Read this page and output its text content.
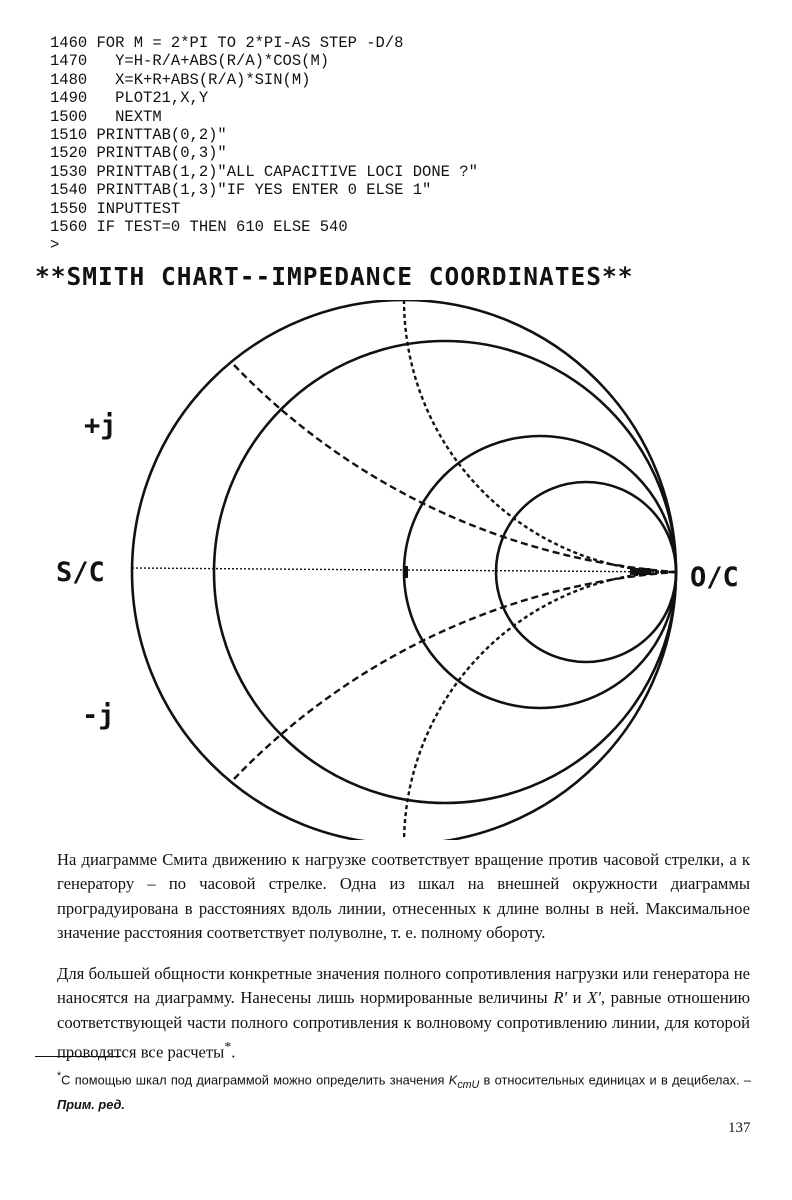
1460 FOR M = 2*PI TO 2*PI-AS STEP -D/8
1470   Y=H-R/A+ABS(R/A)*COS(M)
1480   X=K+R+ABS(R/A)*SIN(M)
1490   PLOT21,X,Y
1500   NEXTM
1510 PRINTTAB(0,2)"
1520 PRINTTAB(0,3)"
1530 PRINTTAB(1,2)"ALL CAPACITIVE LOCI DONE ?"
1540 PRINTTAB(1,3)"IF YES ENTER 0 ELSE 1"
1550 INPUTTEST
1560 IF TEST=0 THEN 610 ELSE 540
>
**SMITH CHART--IMPEDANCE COORDINATES**
+j
S/C	O/C
-j

На диаграмме Смита движению к нагрузке соответствует вращение против часовой стрелки, а к генератору – по часовой стрелке. Одна из шкал на внешней окружности диаграммы проградуирована в расстояниях вдоль линии, отнесенных к длине волны в ней. Максимальное значение расстояния соответствует полуволне, т. е. полному обороту.

Для большей общности конкретные значения полного сопротивления нагрузки или генератора не наносятся на диаграмму. Нанесены лишь нормированные величины R' и X', равные отношению соответствующей части полного сопротивления к волновому сопротивлению линии, для которой проводятся все расчеты*.

*С помощью шкал под диаграммой можно определить значения $K_{стU}$ в относительных единицах и в децибелах. – Прим. ред.

137
